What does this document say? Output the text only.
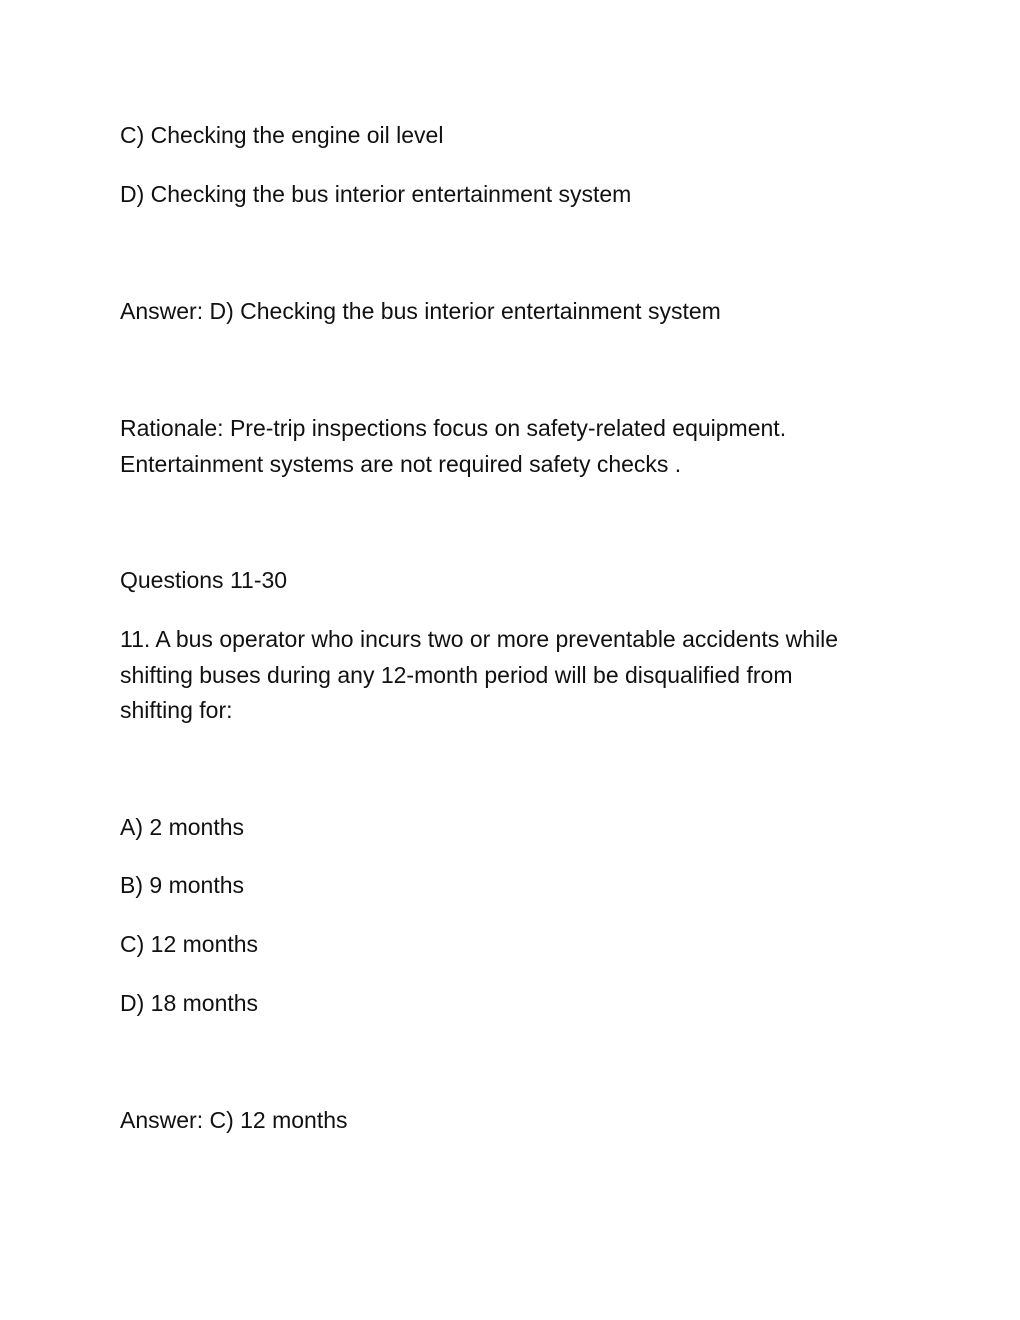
C) Checking the engine oil level
D) Checking the bus interior entertainment system
Answer: D) Checking the bus interior entertainment system
Rationale: Pre-trip inspections focus on safety-related equipment.
Entertainment systems are not required safety checks .
Questions 11-30
11. A bus operator who incurs two or more preventable accidents while
shifting buses during any 12-month period will be disqualified from
shifting for:
A) 2 months
B) 9 months
C) 12 months
D) 18 months
Answer: C) 12 months
